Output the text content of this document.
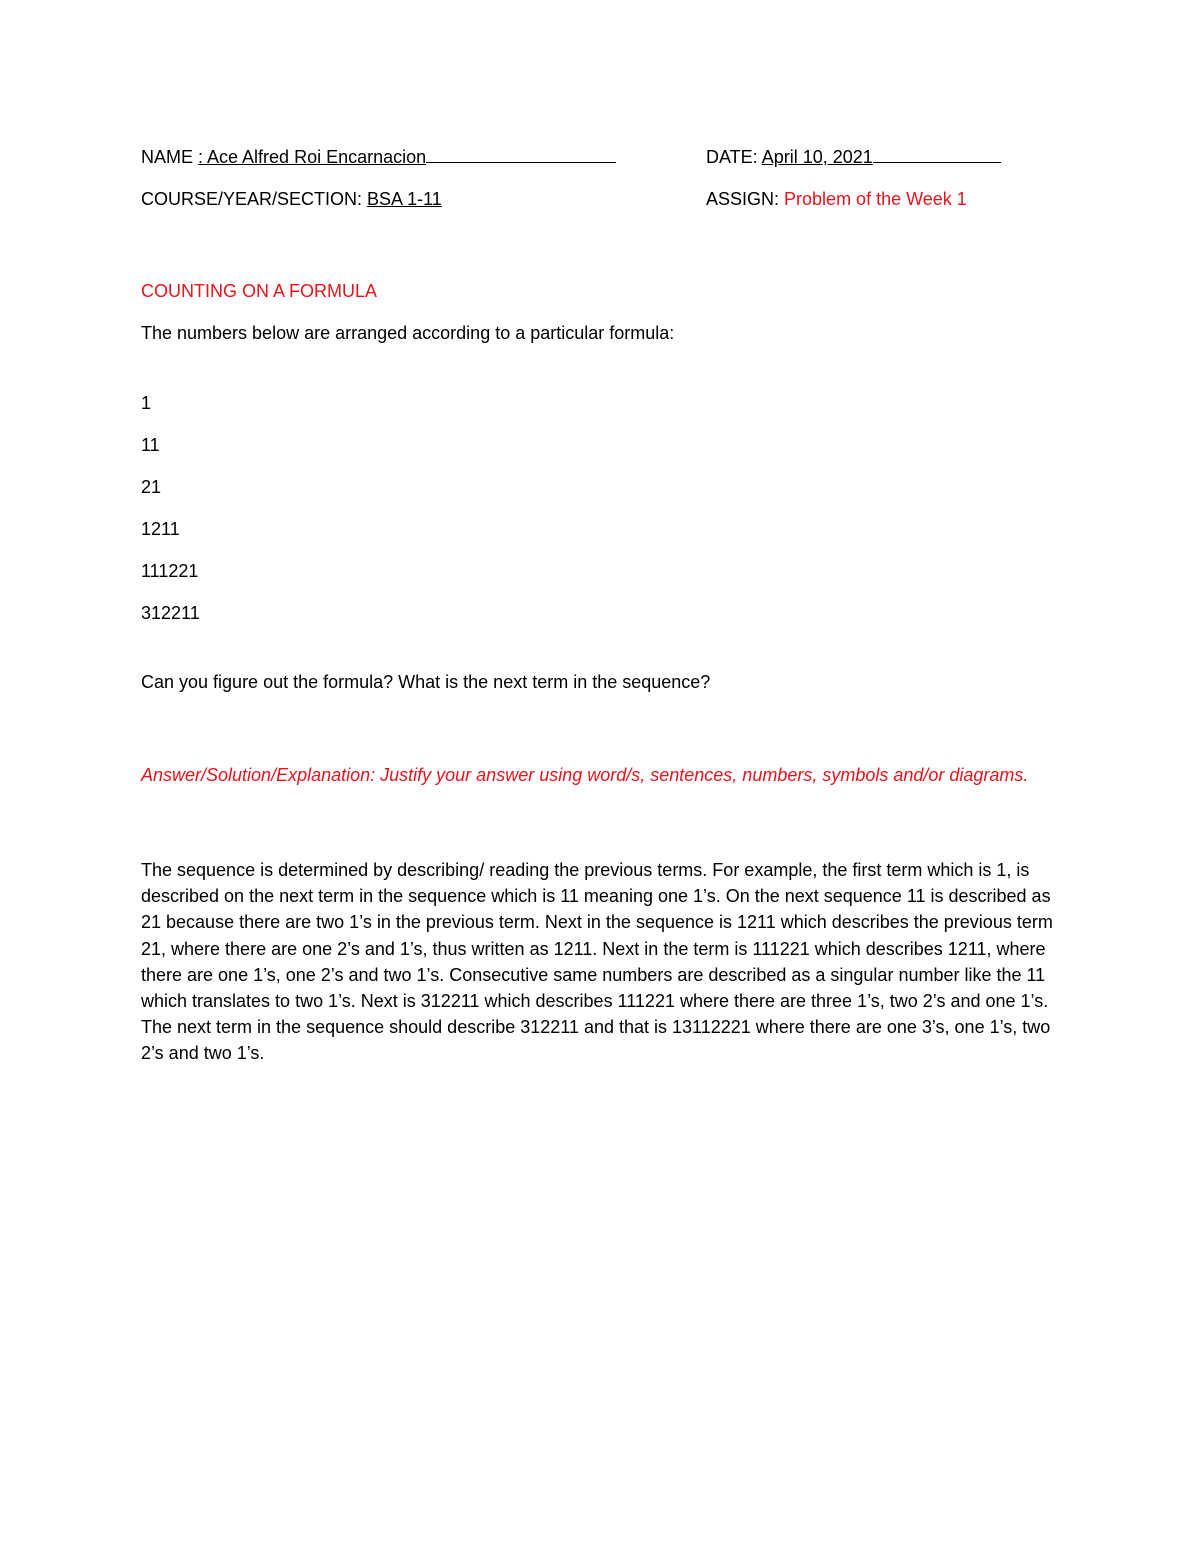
NAME : Ace Alfred Roi Encarnacion	DATE: April 10, 2021
COURSE/YEAR/SECTION: BSA 1-11	ASSIGN: Problem of the Week 1
COUNTING ON A FORMULA
The numbers below are arranged according to a particular formula:
1
11
21
1211
111221
312211
Can you figure out the formula? What is the next term in the sequence?
Answer/Solution/Explanation: Justify your answer using word/s, sentences, numbers, symbols and/or diagrams.
The sequence is determined by describing/ reading the previous terms. For example, the first term which is 1, is described on the next term in the sequence which is 11 meaning one 1’s. On the next sequence 11 is described as 21 because there are two 1’s in the previous term. Next in the sequence is 1211 which describes the previous term 21, where there are one 2’s and 1’s, thus written as 1211. Next in the term is 111221 which describes 1211, where there are one 1’s, one 2’s and two 1’s. Consecutive same numbers are described as a singular number like the 11 which translates to two 1’s. Next is 312211 which describes 111221 where there are three 1’s, two 2’s and one 1’s. The next term in the sequence should describe 312211 and that is 13112221 where there are one 3’s, one 1’s, two 2’s and two 1’s.
